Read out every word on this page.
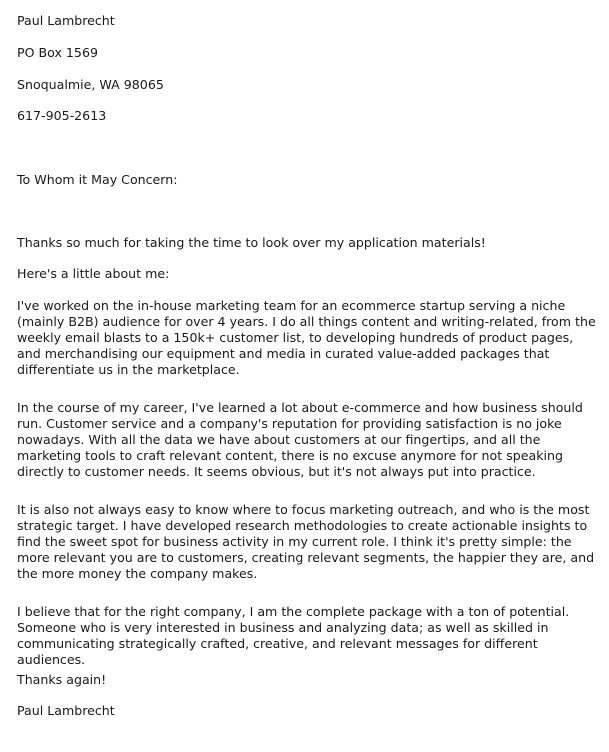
Paul Lambrecht

PO Box 1569

Snoqualmie, WA 98065

617-905-2613

To Whom it May Concern:

Thanks so much for taking the time to look over my application materials!

Here's a little about me:

I've worked on the in-house marketing team for an ecommerce startup serving a niche (mainly B2B) audience for over 4 years. I do all things content and writing-related, from the weekly email blasts to a 150k+ customer list, to developing hundreds of product pages, and merchandising our equipment and media in curated value-added packages that differentiate us in the marketplace.

In the course of my career, I've learned a lot about e-commerce and how business should run. Customer service and a company's reputation for providing satisfaction is no joke nowadays. With all the data we have about customers at our fingertips, and all the marketing tools to craft relevant content, there is no excuse anymore for not speaking directly to customer needs. It seems obvious, but it's not always put into practice.

It is also not always easy to know where to focus marketing outreach, and who is the most strategic target. I have developed research methodologies to create actionable insights to find the sweet spot for business activity in my current role. I think it's pretty simple: the more relevant you are to customers, creating relevant segments, the happier they are, and the more money the company makes.

I believe that for the right company, I am the complete package with a ton of potential. Someone who is very interested in business and analyzing data; as well as skilled in communicating strategically crafted, creative, and relevant messages for different audiences.

Thanks again!

Paul Lambrecht
